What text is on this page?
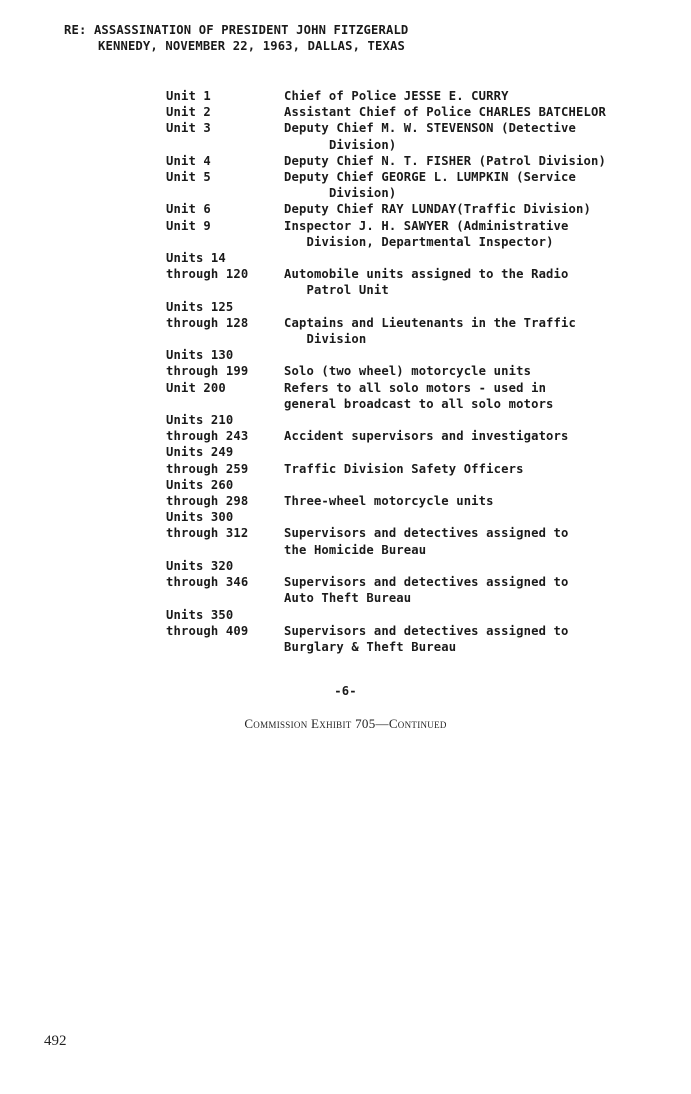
RE: ASSASSINATION OF PRESIDENT JOHN FITZGERALD
KENNEDY, NOVEMBER 22, 1963, DALLAS, TEXAS
Unit 1	Chief of Police JESSE E. CURRY
Unit 2	Assistant Chief of Police CHARLES BATCHELOR
Unit 3	Deputy Chief M. W. STEVENSON (Detective
Division)
Unit 4	Deputy Chief N. T. FISHER (Patrol Division)
Unit 5	Deputy Chief GEORGE L. LUMPKIN (Service
Division)
Unit 6	Deputy Chief RAY LUNDAY(Traffic Division)
Unit 9	Inspector J. H. SAWYER (Administrative
Division, Departmental Inspector)
Units 14

through 120	Automobile units assigned to the Radio
Patrol Unit
Units 125

through 128	Captains and Lieutenants in the Traffic
Division
Units 130

through 199	Solo (two wheel) motorcycle units
Unit 200	Refers to all solo motors - used in
general broadcast to all solo motors
Units 210

through 243	Accident supervisors and investigators
Units 249

through 259	Traffic Division Safety Officers
Units 260

through 298	Three-wheel motorcycle units
Units 300

through 312	Supervisors and detectives assigned to
the Homicide Bureau
Units 320

through 346	Supervisors and detectives assigned to
Auto Theft Bureau
Units 350

through 409	Supervisors and detectives assigned to
Burglary & Theft Bureau
-6-
Commission Exhibit 705—Continued
492
